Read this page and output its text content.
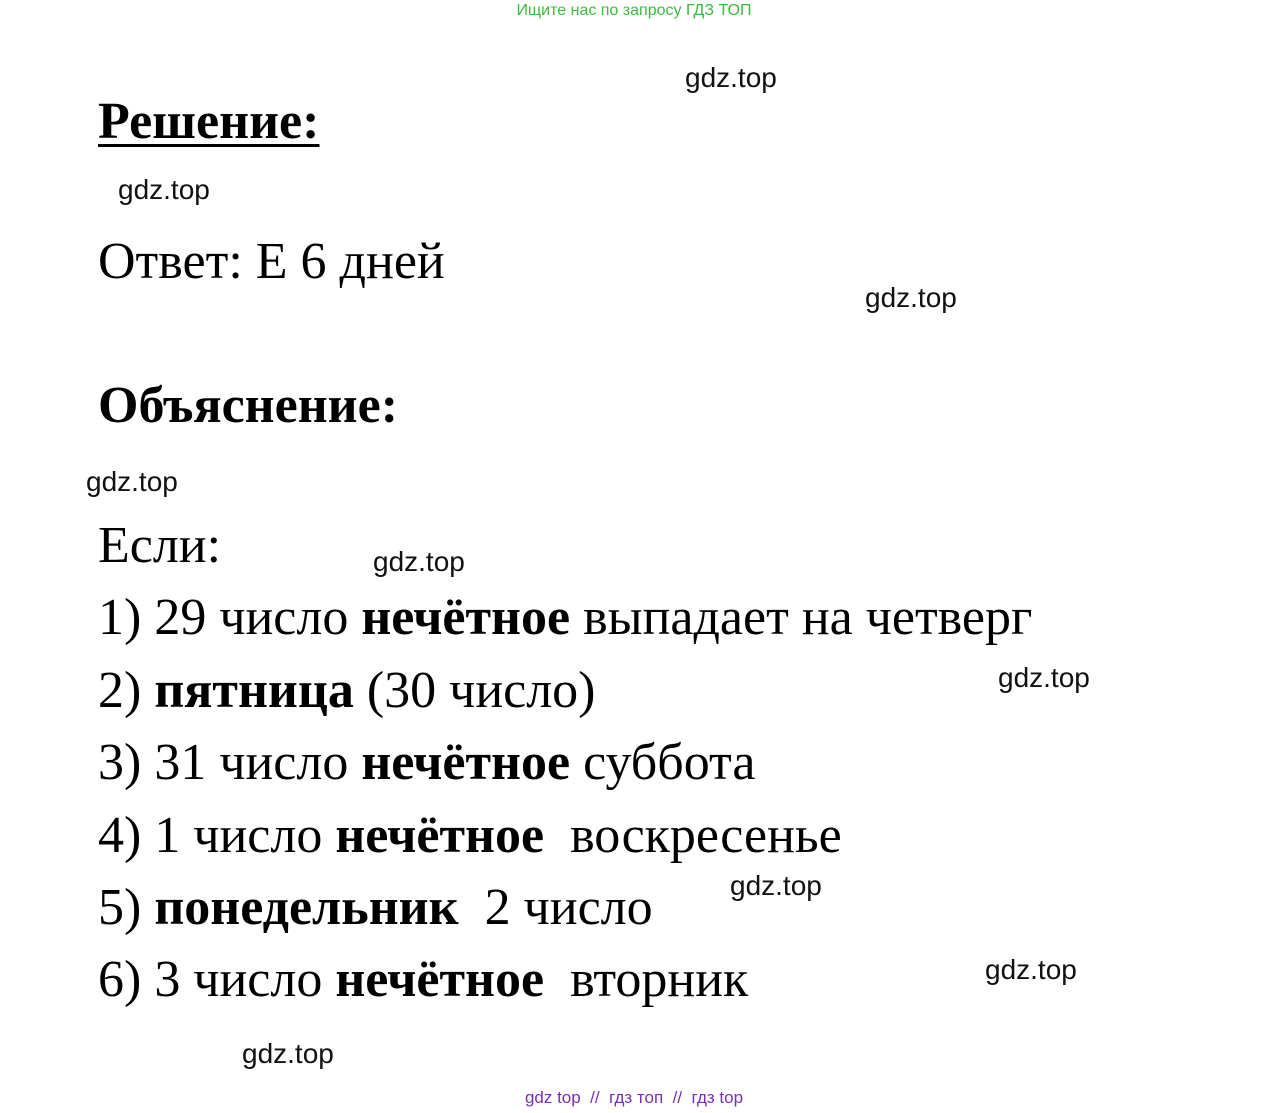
Ищите нас по запросу ГДЗ ТОП
Решение:
Ответ: Е 6 дней
Объяснение:
Если:
1) 29 число нечётное выпадает на четверг
2) пятница (30 число)
3) 31 число нечётное суббота
4) 1 число нечётное  воскресенье
5) понедельник  2 число
6) 3 число нечётное  вторник
gdz.top
gdz.top
gdz.top
gdz.top
gdz.top
gdz.top
gdz.top
gdz.top
gdz.top
gdz top  //  гдз топ  //  гдз top
